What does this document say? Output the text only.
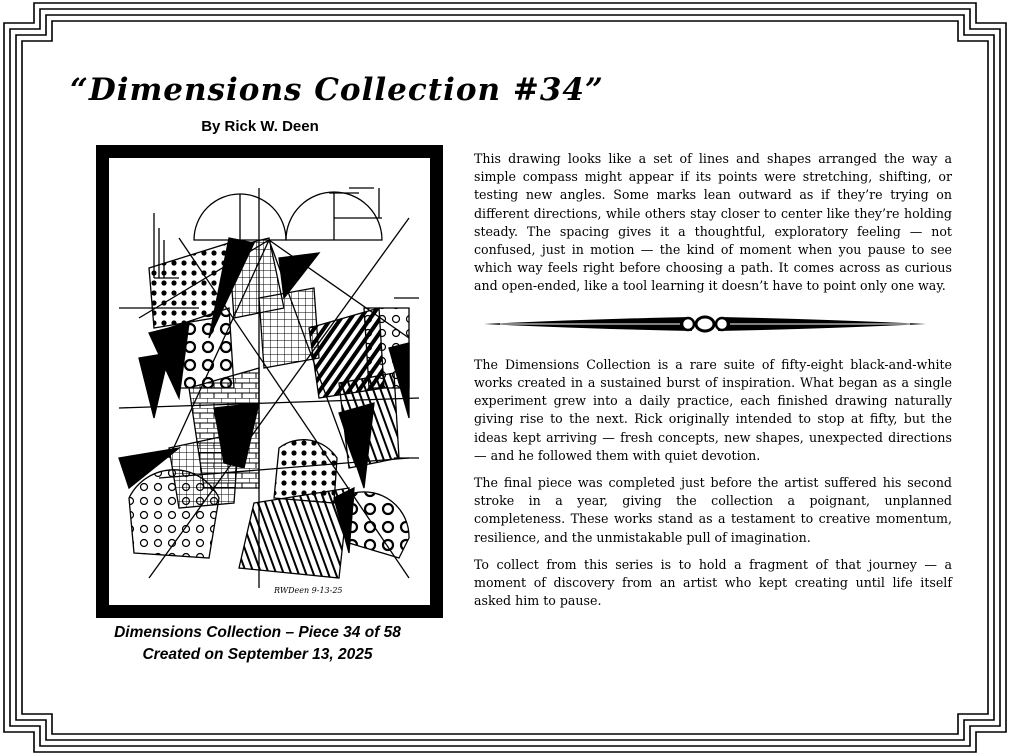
“Dimensions Collection #34”
By Rick W. Deen
RWDeen 9-13-25
Dimensions Collection – Piece 34 of 58
Created on September 13, 2025

This drawing looks like a set of lines and shapes arranged the way a simple compass might appear if its points were stretching, shifting, or testing new angles. Some marks lean outward as if they’re trying on different directions, while others stay closer to center like they’re holding steady. The spacing gives it a thoughtful, exploratory feeling — not confused, just in motion — the kind of moment when you pause to see which way feels right before choosing a path. It comes across as curious and open-ended, like a tool learning it doesn’t have to point only one way.

The Dimensions Collection is a rare suite of fifty-eight black-and-white works created in a sustained burst of inspiration. What began as a single experiment grew into a daily practice, each finished drawing naturally giving rise to the next. Rick originally intended to stop at fifty, but the ideas kept arriving — fresh concepts, new shapes, unexpected directions — and he followed them with quiet devotion.

The final piece was completed just before the artist suffered his second stroke in a year, giving the collection a poignant, unplanned completeness. These works stand as a testament to creative momentum, resilience, and the unmistakable pull of imagination.

To collect from this series is to hold a fragment of that journey — a moment of discovery from an artist who kept creating until life itself asked him to pause.
